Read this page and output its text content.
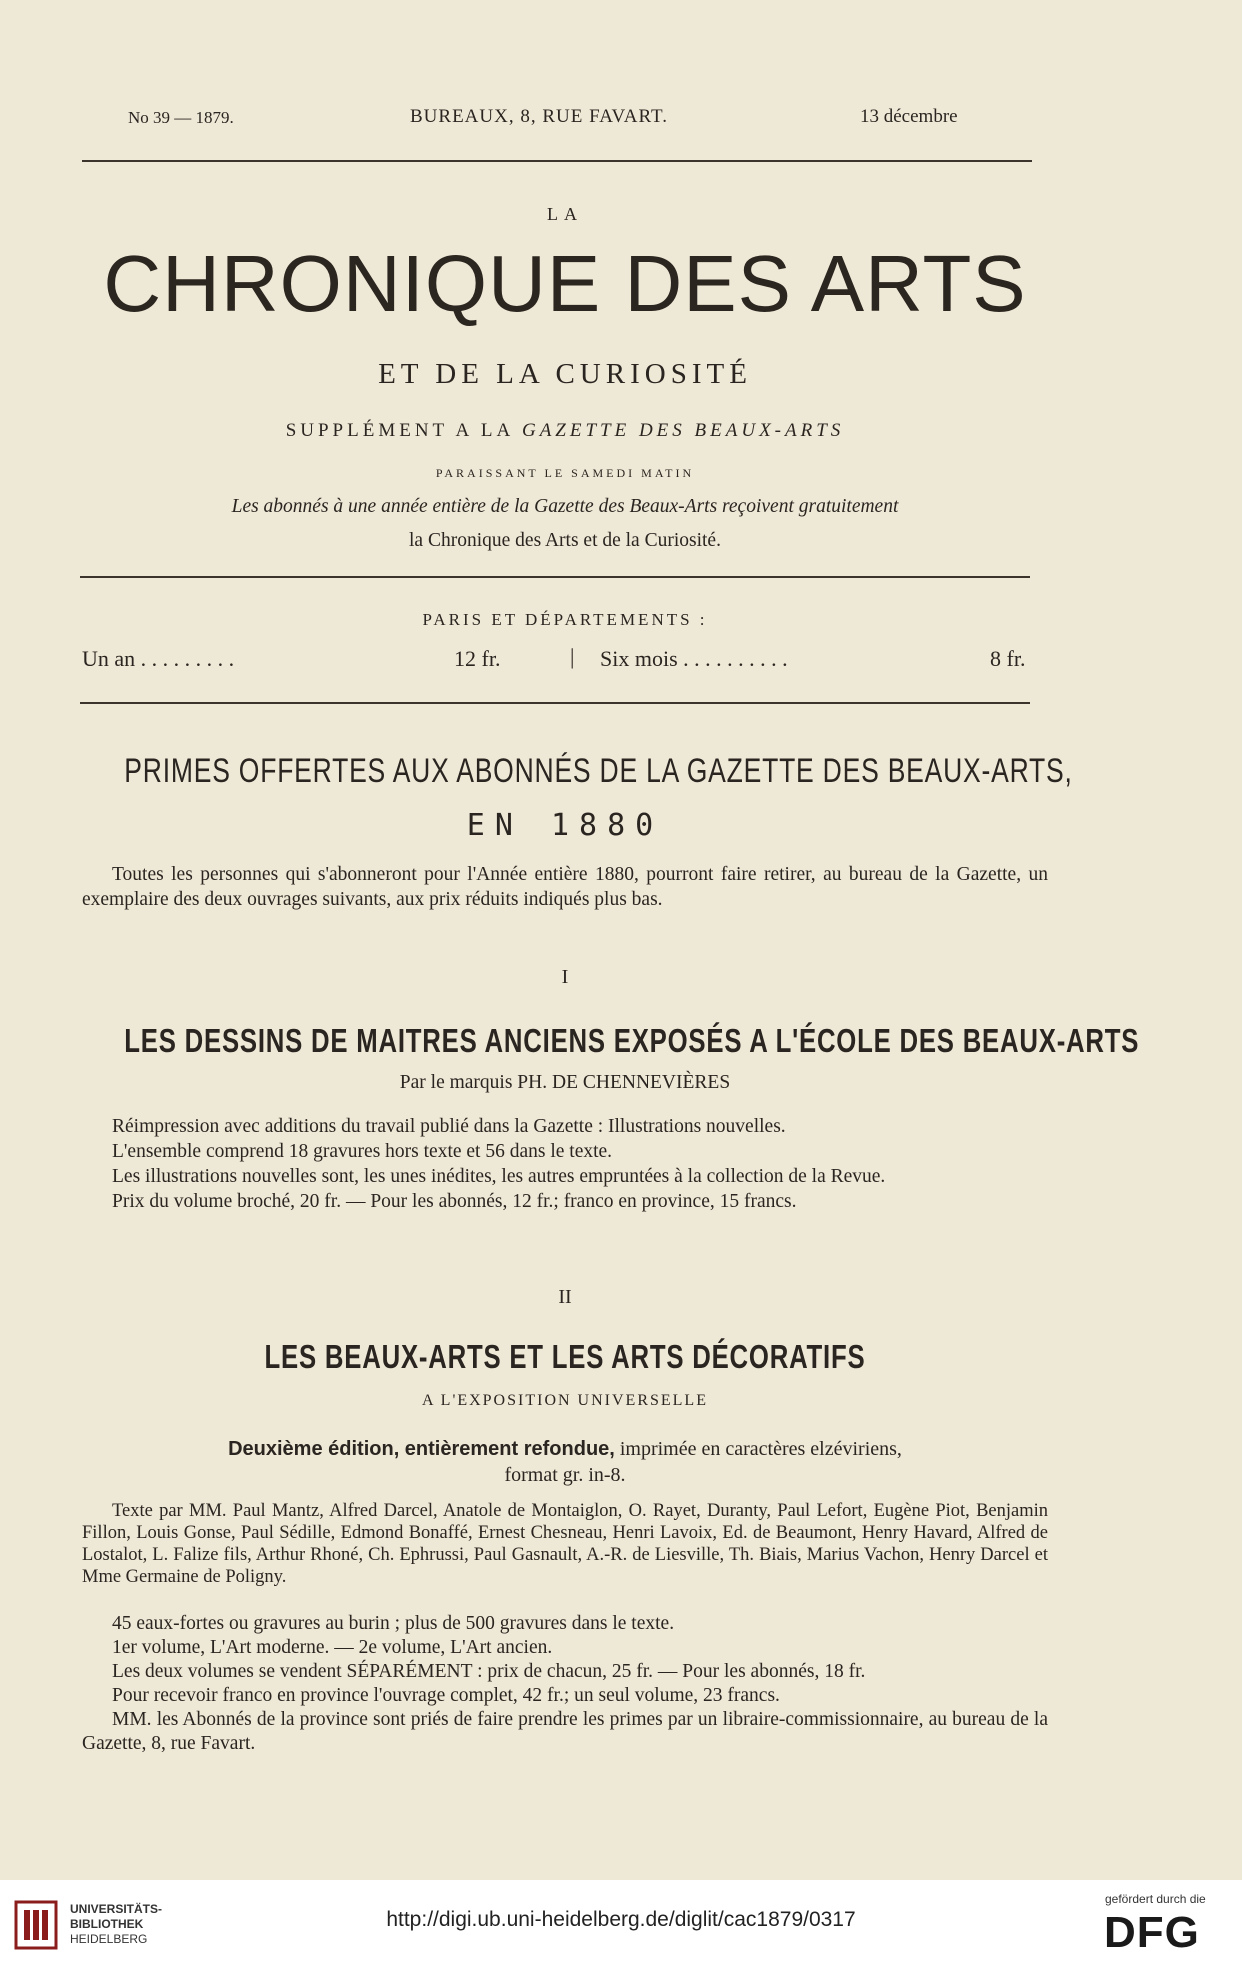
No 39 — 1879.	BUREAUX, 8, RUE FAVART.	13 décembre
LA
CHRONIQUE DES ARTS
ET DE LA CURIOSITÉ
SUPPLÉMENT A LA GAZETTE DES BEAUX-ARTS
PARAISSANT LE SAMEDI MATIN
Les abonnés à une année entière de la Gazette des Beaux-Arts reçoivent gratuitement
la Chronique des Arts et de la Curiosité.
PARIS ET DÉPARTEMENTS :
Un an . . . . . . . . .	12 fr.	| Six mois . . . . . . . . . .	8 fr.
PRIMES OFFERTES AUX ABONNÉS DE LA GAZETTE DES BEAUX-ARTS,
EN 1880

Toutes les personnes qui s'abonneront pour l'Année entière 1880, pourront faire retirer, au bureau de la Gazette, un exemplaire des deux ouvrages suivants, aux prix réduits indiqués plus bas.

I
LES DESSINS DE MAITRES ANCIENS EXPOSÉS A L'ÉCOLE DES BEAUX-ARTS
Par le marquis PH. DE CHENNEVIÈRES

Réimpression avec additions du travail publié dans la Gazette : Illustrations nouvelles.

L'ensemble comprend 18 gravures hors texte et 56 dans le texte.

Les illustrations nouvelles sont, les unes inédites, les autres empruntées à la collection de la Revue.

Prix du volume broché, 20 fr. — Pour les abonnés, 12 fr.; franco en province, 15 francs.

II
LES BEAUX-ARTS ET LES ARTS DÉCORATIFS
A L'EXPOSITION UNIVERSELLE
Deuxième édition, entièrement refondue, imprimée en caractères elzéviriens,
format gr. in-8.

Texte par MM. Paul Mantz, Alfred Darcel, Anatole de Montaiglon, O. Rayet, Duranty, Paul Lefort, Eugène Piot, Benjamin Fillon, Louis Gonse, Paul Sédille, Edmond Bonaffé, Ernest Chesneau, Henri Lavoix, Ed. de Beaumont, Henry Havard, Alfred de Lostalot, L. Falize fils, Arthur Rhoné, Ch. Ephrussi, Paul Gasnault, A.-R. de Liesville, Th. Biais, Marius Vachon, Henry Darcel et Mme Germaine de Poligny.

45 eaux-fortes ou gravures au burin ; plus de 500 gravures dans le texte.

1er volume, L'Art moderne. — 2e volume, L'Art ancien.

Les deux volumes se vendent SÉPARÉMENT : prix de chacun, 25 fr. — Pour les abonnés, 18 fr.

Pour recevoir franco en province l'ouvrage complet, 42 fr.; un seul volume, 23 francs.

MM. les Abonnés de la province sont priés de faire prendre les primes par un libraire-commissionnaire, au bureau de la Gazette, 8, rue Favart.

UNIVERSITÄTS-
BIBLIOTHEK
HEIDELBERG
http://digi.ub.uni-heidelberg.de/diglit/cac1879/0317
gefördert durch die
DFG
